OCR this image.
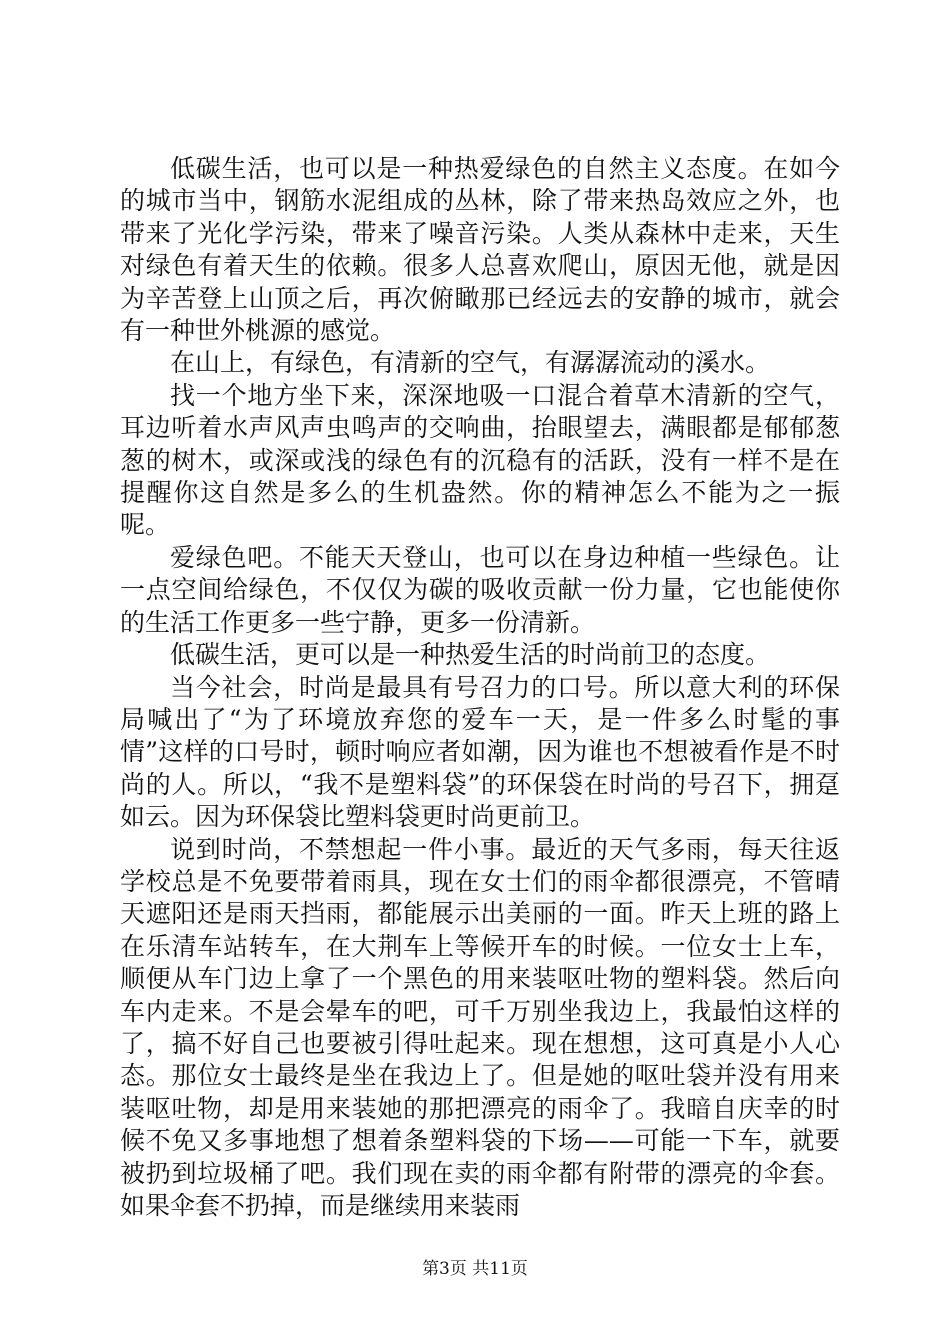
低碳生活，也可以是一种热爱绿色的自然主义态度。在如今的城市当中，钢筋水泥组成的丛林，除了带来热岛效应之外，也带来了光化学污染，带来了噪音污染。人类从森林中走来，天生对绿色有着天生的依赖。很多人总喜欢爬山，原因无他，就是因为辛苦登上山顶之后，再次俯瞰那已经远去的安静的城市，就会有一种世外桃源的感觉。

在山上，有绿色，有清新的空气，有潺潺流动的溪水。

找一个地方坐下来，深深地吸一口混合着草木清新的空气，耳边听着水声风声虫鸣声的交响曲，抬眼望去，满眼都是郁郁葱葱的树木，或深或浅的绿色有的沉稳有的活跃，没有一样不是在提醒你这自然是多么的生机盎然。你的精神怎么不能为之一振呢。

爱绿色吧。不能天天登山，也可以在身边种植一些绿色。让一点空间给绿色，不仅仅为碳的吸收贡献一份力量，它也能使你的生活工作更多一些宁静，更多一份清新。

低碳生活，更可以是一种热爱生活的时尚前卫的态度。

当今社会，时尚是最具有号召力的口号。所以意大利的环保局喊出了“为了环境放弃您的爱车一天，是一件多么时髦的事情”这样的口号时，顿时响应者如潮，因为谁也不想被看作是不时尚的人。所以，“我不是塑料袋”的环保袋在时尚的号召下，拥趸如云。因为环保袋比塑料袋更时尚更前卫。

说到时尚，不禁想起一件小事。最近的天气多雨，每天往返学校总是不免要带着雨具，现在女士们的雨伞都很漂亮，不管晴天遮阳还是雨天挡雨，都能展示出美丽的一面。昨天上班的路上在乐清车站转车，在大荆车上等候开车的时候。一位女士上车，顺便从车门边上拿了一个黑色的用来装呕吐物的塑料袋。然后向车内走来。不是会晕车的吧，可千万别坐我边上，我最怕这样的了，搞不好自己也要被引得吐起来。现在想想，这可真是小人心态。那位女士最终是坐在我边上了。但是她的呕吐袋并没有用来装呕吐物，却是用来装她的那把漂亮的雨伞了。我暗自庆幸的时候不免又多事地想了想着条塑料袋的下场——可能一下车，就要被扔到垃圾桶了吧。我们现在卖的雨伞都有附带的漂亮的伞套。如果伞套不扔掉，而是继续用来装雨

第3页 共11页
